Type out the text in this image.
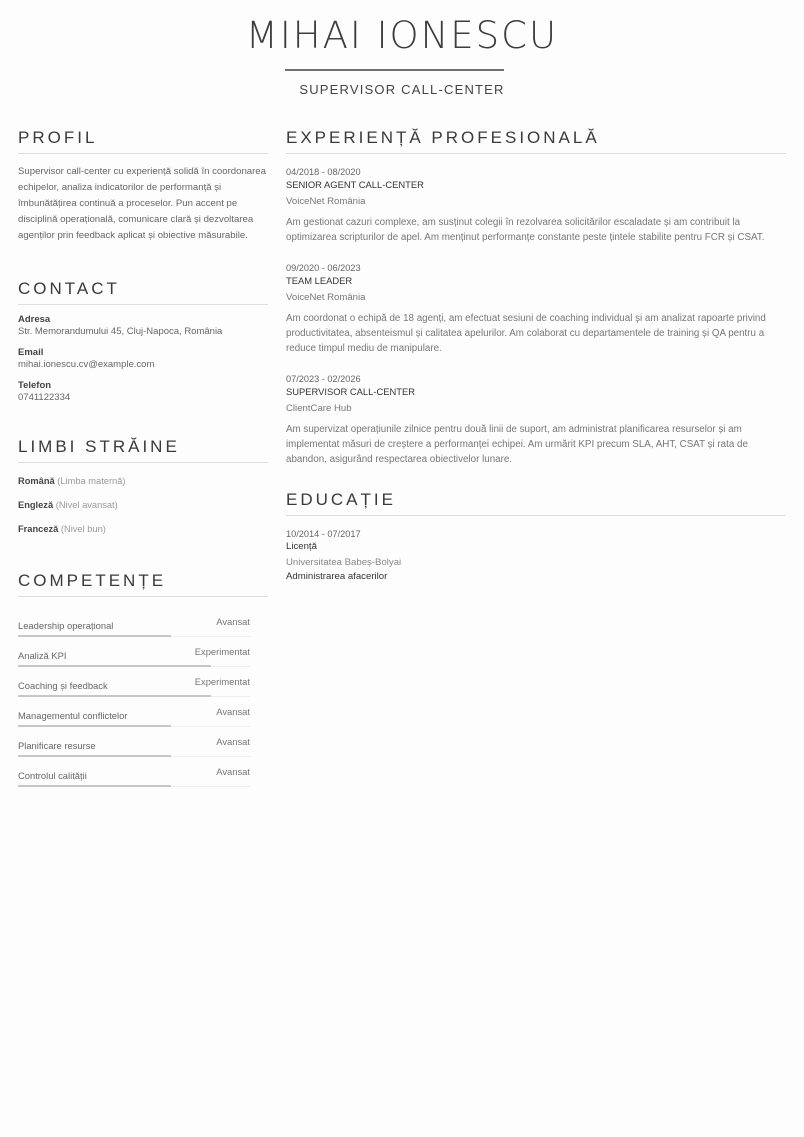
MIHAI IONESCU
SUPERVISOR CALL-CENTER
PROFIL
Supervisor call-center cu experiență solidă în coordonarea echipelor, analiza indicatorilor de performanță și îmbunătățirea continuă a proceselor. Pun accent pe disciplină operațională, comunicare clară și dezvoltarea agenților prin feedback aplicat și obiective măsurabile.
CONTACT
Adresa
Str. Memorandumului 45, Cluj-Napoca, România
Email
mihai.ionescu.cv@example.com
Telefon
0741122334
LIMBI STRĂINE
Română (Limba maternă)
Engleză (Nivel avansat)
Franceză (Nivel bun)
COMPETENȚE
Leadership operațional	Avansat
Analiză KPI	Experimentat
Coaching și feedback	Experimentat
Managementul conflictelor	Avansat
Planificare resurse	Avansat
Controlul calității	Avansat
EXPERIENȚĂ PROFESIONALĂ
04/2018 - 08/2020
SENIOR AGENT CALL-CENTER
VoiceNet România
Am gestionat cazuri complexe, am susținut colegii în rezolvarea solicitărilor escaladate și am contribuit la optimizarea scripturilor de apel. Am menținut performanțe constante peste țintele stabilite pentru FCR și CSAT.
09/2020 - 06/2023
TEAM LEADER
VoiceNet România
Am coordonat o echipă de 18 agenți, am efectuat sesiuni de coaching individual și am analizat rapoarte privind productivitatea, absenteismul și calitatea apelurilor. Am colaborat cu departamentele de training și QA pentru a reduce timpul mediu de manipulare.
07/2023 - 02/2026
SUPERVISOR CALL-CENTER
ClientCare Hub
Am supervizat operațiunile zilnice pentru două linii de suport, am administrat planificarea resurselor și am implementat măsuri de creștere a performanței echipei. Am urmărit KPI precum SLA, AHT, CSAT și rata de abandon, asigurând respectarea obiectivelor lunare.
EDUCAȚIE
10/2014 - 07/2017
Licență
Universitatea Babeș-Bolyai
Administrarea afacerilor
